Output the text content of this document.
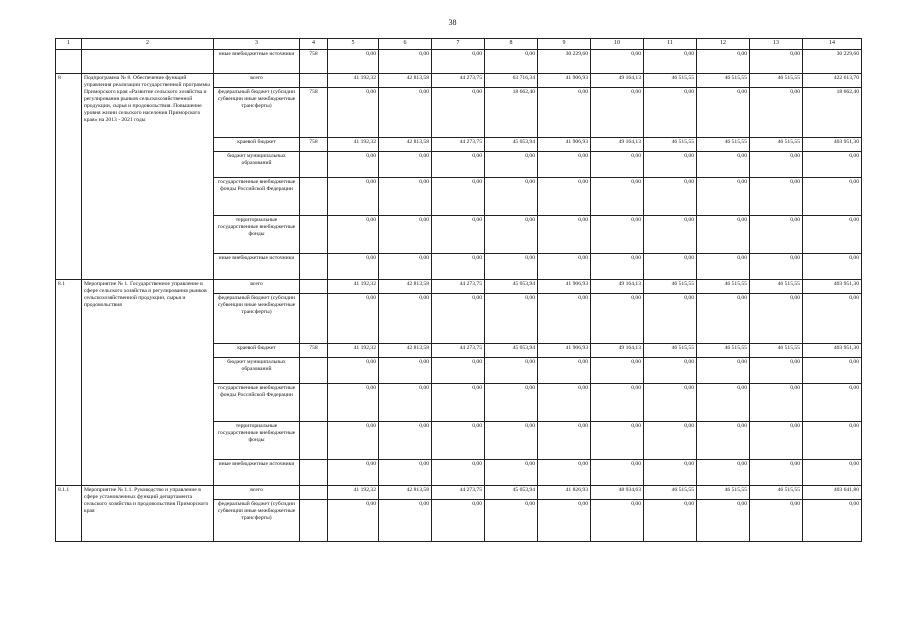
38
1	2	3	4	5	6	7	8	9	10	11	12	13	14
		иные внебюджетные источники	758	0,00	0,00	0,00	0,00	30 229,60	0,00	0,00	0,00	0,00	30 229,60
8	Подпрограмма № 8. Обеспечение функций управления реализации государственной программы Приморского края «Развитие сельского хозяйства и регулирования рынков сельскохозяйственной продукции, сырья и продовольствия. Повышение уровня жизни сельского населения Приморского края» на 2013 - 2021 годы	всего		41 192,32	42 813,58	44 273,75	63 716,34	41 906,93	49 164,13	46 515,55	46 515,55	46 515,55	422 613,70
		федеральный бюджет (субсидии субвенции иные межбюджетные трансферты)	758	0,00	0,00	0,00	18 662,40	0,00	0,00	0,00	0,00	0,00	18 662,40
		краевой бюджет	758	41 192,32	42 813,58	44 273,75	45 053,94	41 906,93	49 164,13	46 515,55	46 515,55	46 515,55	403 951,30
		бюджет муниципальных образований		0,00	0,00	0,00	0,00	0,00	0,00	0,00	0,00	0,00	0,00
		государственные внебюджетные фонды Российской Федерации		0,00	0,00	0,00	0,00	0,00	0,00	0,00	0,00	0,00	0,00
		территориальные государственные внебюджетные фонды		0,00	0,00	0,00	0,00	0,00	0,00	0,00	0,00	0,00	0,00
		иные внебюджетные источники		0,00	0,00	0,00	0,00	0,00	0,00	0,00	0,00	0,00	0,00
8.1	Мероприятие № 1. Государственное управление в сфере сельского хозяйства и регулирования рынков сельскохозяйственной продукции, сырья и продовольствия	всего		41 192,32	42 813,58	44 273,75	45 053,94	41 906,93	49 164,13	46 515,55	46 515,55	46 515,55	403 951,30
		федеральный бюджет (субсидии субвенции иные межбюджетные трансферты)		0,00	0,00	0,00	0,00	0,00	0,00	0,00	0,00	0,00	0,00
		краевой бюджет	758	41 192,32	42 813,58	44 273,75	45 053,94	41 906,93	49 164,13	46 515,55	46 515,55	46 515,55	403 951,30
		бюджет муниципальных образований		0,00	0,00	0,00	0,00	0,00	0,00	0,00	0,00	0,00	0,00
		государственные внебюджетные фонды Российской Федерации		0,00	0,00	0,00	0,00	0,00	0,00	0,00	0,00	0,00	0,00
		территориальные государственные внебюджетные фонды		0,00	0,00	0,00	0,00	0,00	0,00	0,00	0,00	0,00	0,00
		иные внебюджетные источники		0,00	0,00	0,00	0,00	0,00	0,00	0,00	0,00	0,00	0,00
8.1.1	Мероприятие № 1.1. Руководство и управление в сфере установленных функций департамента сельского хозяйства и продовольствия Приморского края	всего		41 192,32	42 813,58	44 273,75	45 053,94	41 826,93	48 934,63	46 515,55	46 515,55	46 515,55	403 641,80
		федеральный бюджет (субсидии субвенции иные межбюджетные трансферты)		0,00	0,00	0,00	0,00	0,00	0,00	0,00	0,00	0,00	0,00
